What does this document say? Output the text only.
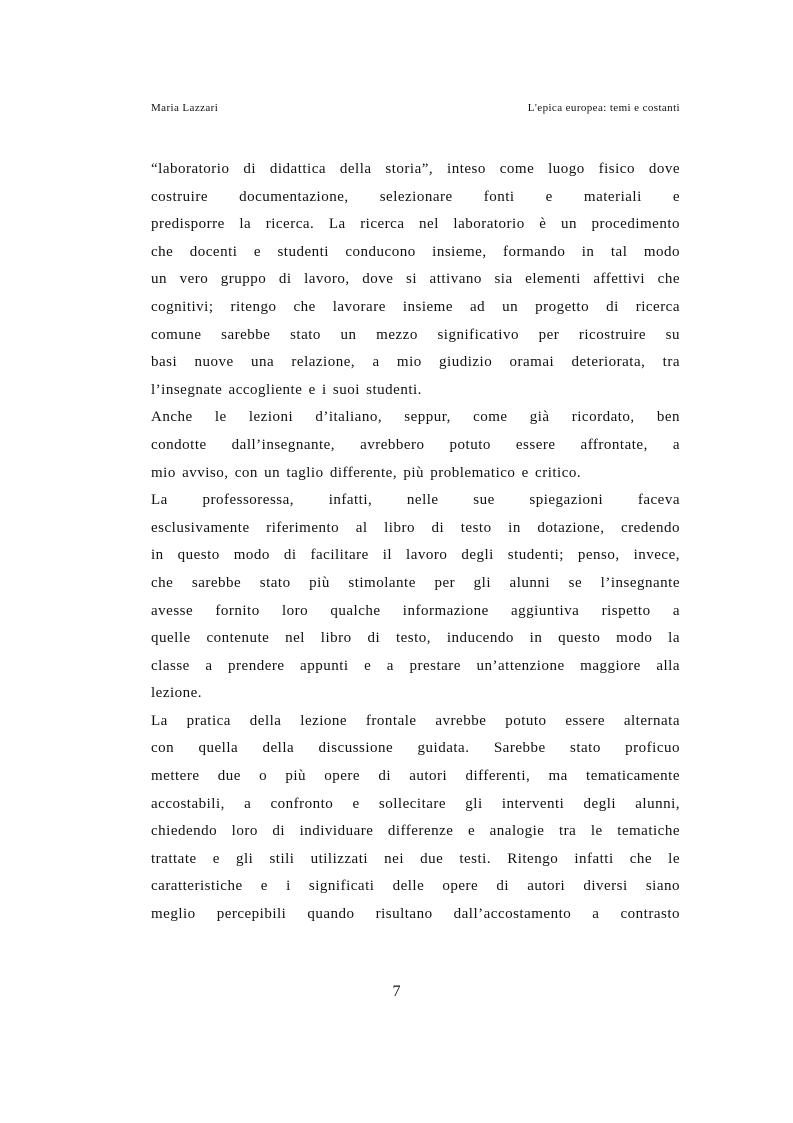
Maria Lazzari	L'epica europea: temi e costanti
“laboratorio di didattica della storia”, inteso come luogo fisico dove
costruire documentazione, selezionare fonti e materiali e
predisporre la ricerca. La ricerca nel laboratorio è un procedimento
che docenti e studenti conducono insieme, formando in tal modo
un vero gruppo di lavoro, dove si attivano sia elementi affettivi che
cognitivi; ritengo che lavorare insieme ad un progetto di ricerca
comune sarebbe stato un mezzo significativo per ricostruire su
basi nuove una relazione, a mio giudizio oramai deteriorata, tra
l’insegnate accogliente e i suoi studenti.
Anche le lezioni d’italiano, seppur, come già ricordato, ben
condotte dall’insegnante, avrebbero potuto essere affrontate, a
mio avviso, con un taglio differente, più problematico e critico.
La professoressa, infatti, nelle sue spiegazioni faceva
esclusivamente riferimento al libro di testo in dotazione, credendo
in questo modo di facilitare il lavoro degli studenti; penso, invece,
che sarebbe stato più stimolante per gli alunni se l’insegnante
avesse fornito loro qualche informazione aggiuntiva rispetto a
quelle contenute nel libro di testo, inducendo in questo modo la
classe a prendere appunti e a prestare un’attenzione maggiore alla
lezione.
La pratica della lezione frontale avrebbe potuto essere alternata
con quella della discussione guidata. Sarebbe stato proficuo
mettere due o più opere di autori differenti, ma tematicamente
accostabili, a confronto e sollecitare gli interventi degli alunni,
chiedendo loro di individuare differenze e analogie tra le tematiche
trattate e gli stili utilizzati nei due testi. Ritengo infatti che le
caratteristiche e i significati delle opere di autori diversi siano
meglio percepibili quando risultano dall’accostamento a contrasto
7
